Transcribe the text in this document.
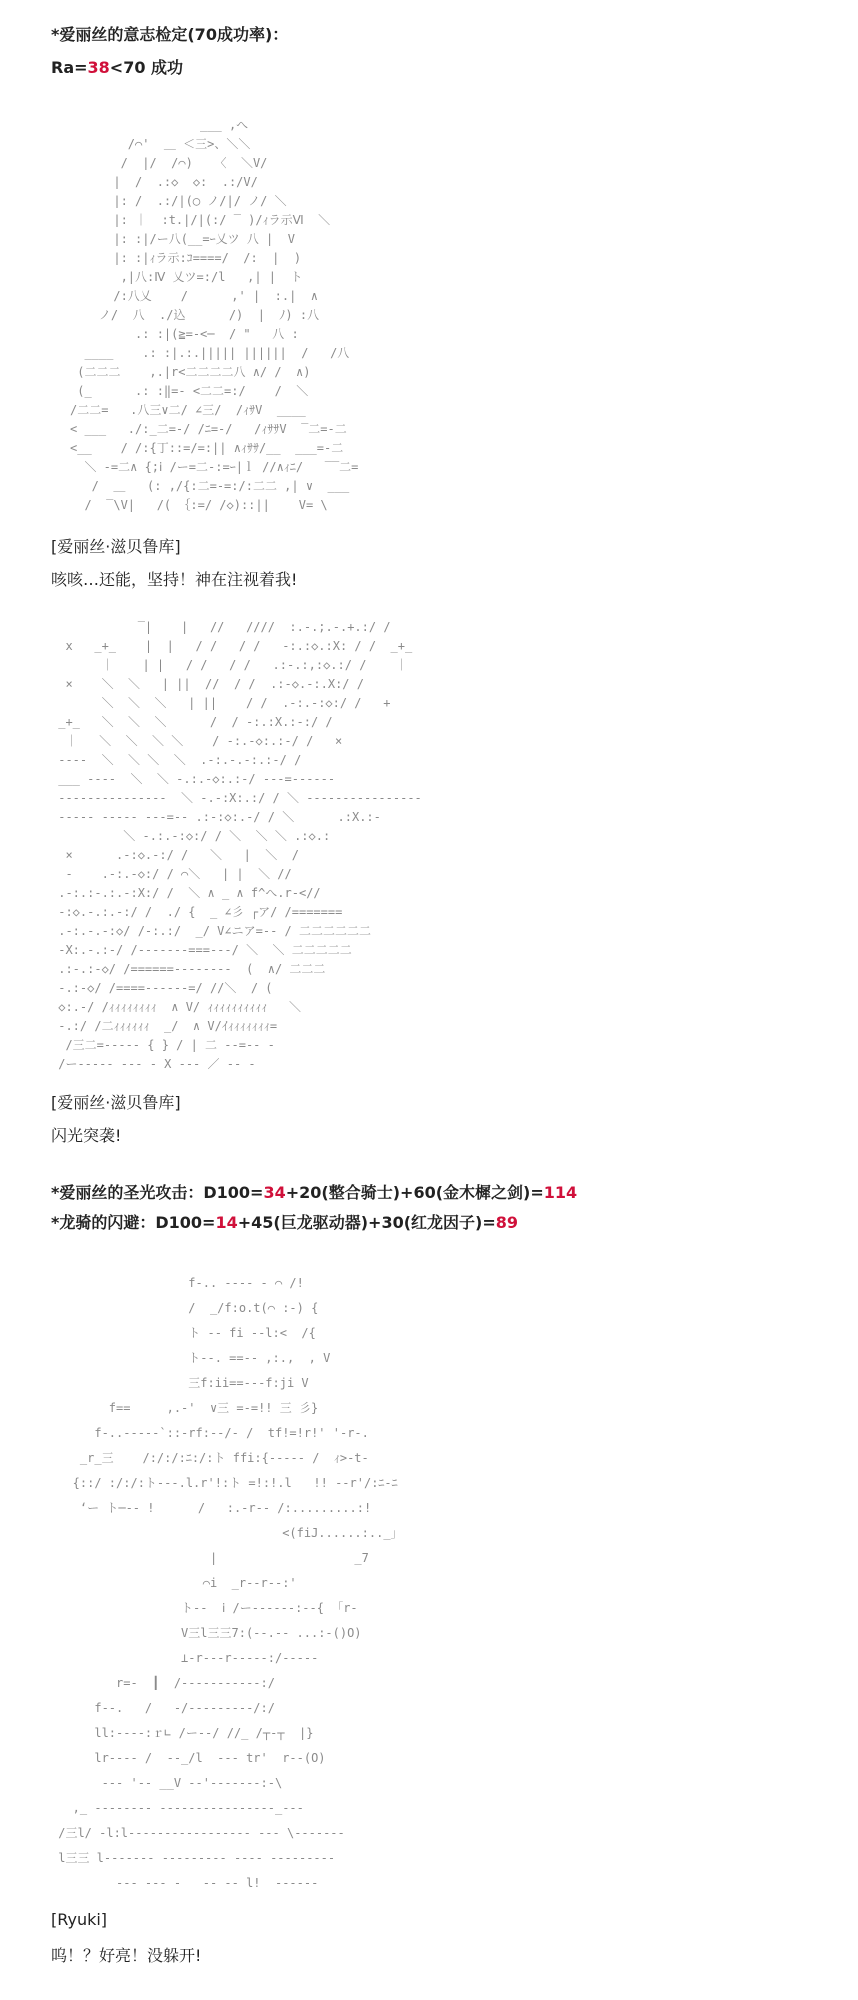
*爱丽丝的意志检定(70成功率)：
Ra=38<70 成功
___ ,へ
/⌒'  ＿ ＜三>、＼＼
/  |/  /⌒)   〈  ＼V/
|  /  .:◇  ◇:  .:/V/
|: /  .:/|(◯ ノ/|/ ノ/ ＼
|: ｜  :t.|/|(:/ ‾ )/ｨラ示Ⅵ  ＼
|: :|/ー八(__=ｰ乂ツ 八 |  V
|: :|ｨラ示:ｺ====/  /:  |  )
,|八:Ⅳ 乂ツ=:/l   ,| |  ト
/:八乂    /      ,' |  :.|  ∧
ノ/  八  ./込      /)  |  ﾉ) :八
.: :|(≧=-<─  / "   八 :
____    .: :|.:.||||| ||||||  /   /八
(二二二    ,.|r<二二二二八 ∧/ /  ∧)
(_      .: :‖=‐ <二二=:/    /  ＼
/二二=   .八三∨二/ ∠三/  /ｨｻV  ____
< ___   ./:_二=-/ /ﾆ=-/   /ｨｻｻV  ‾二=‐二
<__    / /:{丁::=/=:|| ∧ｨｻｻ/__  ___=‐二
＼ -=二∧ {;ⅰ /ー=二‐:=ｰ|ｌ //∧ｨﾆ/   ‾‾二=
/  ＿   (: ,/{:二=-=:/:二二 ,| ∨  ___
/  ‾\V|   /( ｛:=/ /◇)::||    V= \
[爱丽丝·滋贝鲁库]
咳咳…还能，坚持！神在注视着我!
‾|    |   //   ////  :.‐.;.‐.+.:/ /
x   _+_    |  |   / /   / /   ‐:.:◇.:X: / /  _+_
｜    | |   / /   / /   .:‐.:,:◇.:/ /    ｜
×    ＼  ＼   | ||  //  / /  .:‐◇.‐:.X:/ /
＼  ＼  ＼   | ||    / /  .‐:.‐:◇:/ /   +
_+_   ＼  ＼  ＼      /  / ‐:.:X.:‐:/ /
｜   ＼  ＼  ＼ ＼    / ‐:.‐◇:.:‐/ /   ×
---‐  ＼  ＼ ＼  ＼  .‐:.‐.‐:.:‐/ /
___ ‐‐‐‐  ＼  ＼ ‐.:.‐◇:.:‐/ ‐‐‐=‐‐‐‐‐‐
‐‐‐‐‐‐‐‐‐‐‐‐‐‐‐  ＼ ‐.‐:X:.:/ / ＼ ‐‐‐‐‐‐‐‐‐‐‐‐‐‐‐‐
‐‐‐‐‐ ‐‐‐‐‐ ‐‐‐=‐‐ .:‐:◇:.‐/ / ＼      .:X.:‐
＼ ‐.:.‐:◇:/ / ＼  ＼ ＼ .:◇.:
×      .‐:◇.‐:/ /   ＼   |  ＼  /
‐    .‐:.‐◇:/ / ⌒＼   | |  ＼ //
.‐:.:‐.:.‐:X:/ /  ＼ ∧ _ ∧ f^へ.r‐<//
‐:◇.‐.:.‐:/ /  ./ {  _ ∠彡 ┌ア/ /=======
.‐:.‐.‐:◇/ /‐:.:/  _/ V∠ニア=‐‐ / 二二二二二二
‐X:.‐.:‐/ /‐‐‐‐‐‐‐===‐‐‐/ ＼  ＼ 二二二二二
.:‐.:‐◇/ /======---‐‐‐‐‐  (  ∧/ 二二二
‐.:‐◇/ /====‐‐‐‐‐‐=/ //＼  / (
◇:.‐/ /ｨｨｨｨｨｨｨｨ  ∧ V/ ｨｨｨｨｨｨｨｨｨｨ   ＼
‐.:/ /二ｨｨｨｨｨｨ  _/  ∧ V/ｲｨｨｨｨｨｨｨ=
/三二=---‐‐ { } / | 二 ‐‐=-‐ ‐
/ー‐‐‐‐‐ ‐‐‐ ‐ X ‐‐‐ ／ ‐‐ ‐
[爱丽丝·滋贝鲁库]
闪光突袭!
*爱丽丝的圣光攻击：D100=34+20(整合骑士)+60(金木樨之剑)=114
*龙骑的闪避：D100=14+45(巨龙驱动器)+30(红龙因子)=89
f-.. -‐‐- - ⌒ /!
/  _/f:o.t(⌒ :‐) {
ト -- fi --l:<  /{
ト--. ==-- ,:.,  , V
三f:ii==-‐-f:ji V
f==     ,.-'  ∨三 =-=!! 三 彡}
f‐..-----`::‐rf:‐-/- /  tf!=!r!' '‐r‐.
_r_三    /:/:/:ﾆ:/:ト ffi:{‐--‐‐ /  ｨ>‐t-
{::/ :/:/:ト---.l.r'!:ト =!:!.l   !! ‐-r'/:ﾆ-ﾆ
‘ー ト─-- !      /   :.-r‐- /:.........:!
<(fiJ......:.._」
|                   _7
⌒i  _r‐-r-‐:'
ト-‐  ⅰ /ー‐‐‐‐‐-:‐‐{ 「r‐
V三l三三7:(--.-- ...:-()O)
⊥-r‐--r-----:/‐‐---
r=-  ┃  /----‐‐‐‐‐‐-:/
f‐-.   /   -/‐‐‐‐‐‐‐‐‐/:/
ll:--‐‐:ｒ∟ /ー‐‐/ //_ /┬-┬  |}
lr‐--- /  ‐‐_/l  ‐-‐ tr'  r-‐(O)
‐-- '-‐ __V -‐'‐‐‐‐‐‐‐:‐\
,_ -‐‐‐‐‐‐‐ ‐‐‐‐‐‐‐‐‐‐‐‐‐‐‐‐_‐‐‐
/三l/ ‐l:l‐‐‐‐‐‐‐‐‐‐‐‐‐‐‐‐‐ ‐‐‐ \‐‐‐‐‐‐‐
l三三 l‐‐‐‐‐‐‐ ‐‐‐‐‐‐‐‐‐ ‐‐‐‐ ‐‐‐‐‐‐‐‐‐
-‐- ‐-- ‐   ‐‐ -‐ l!  ‐‐‐‐‐‐
[Ryuki]
呜！？好亮！没躲开!
